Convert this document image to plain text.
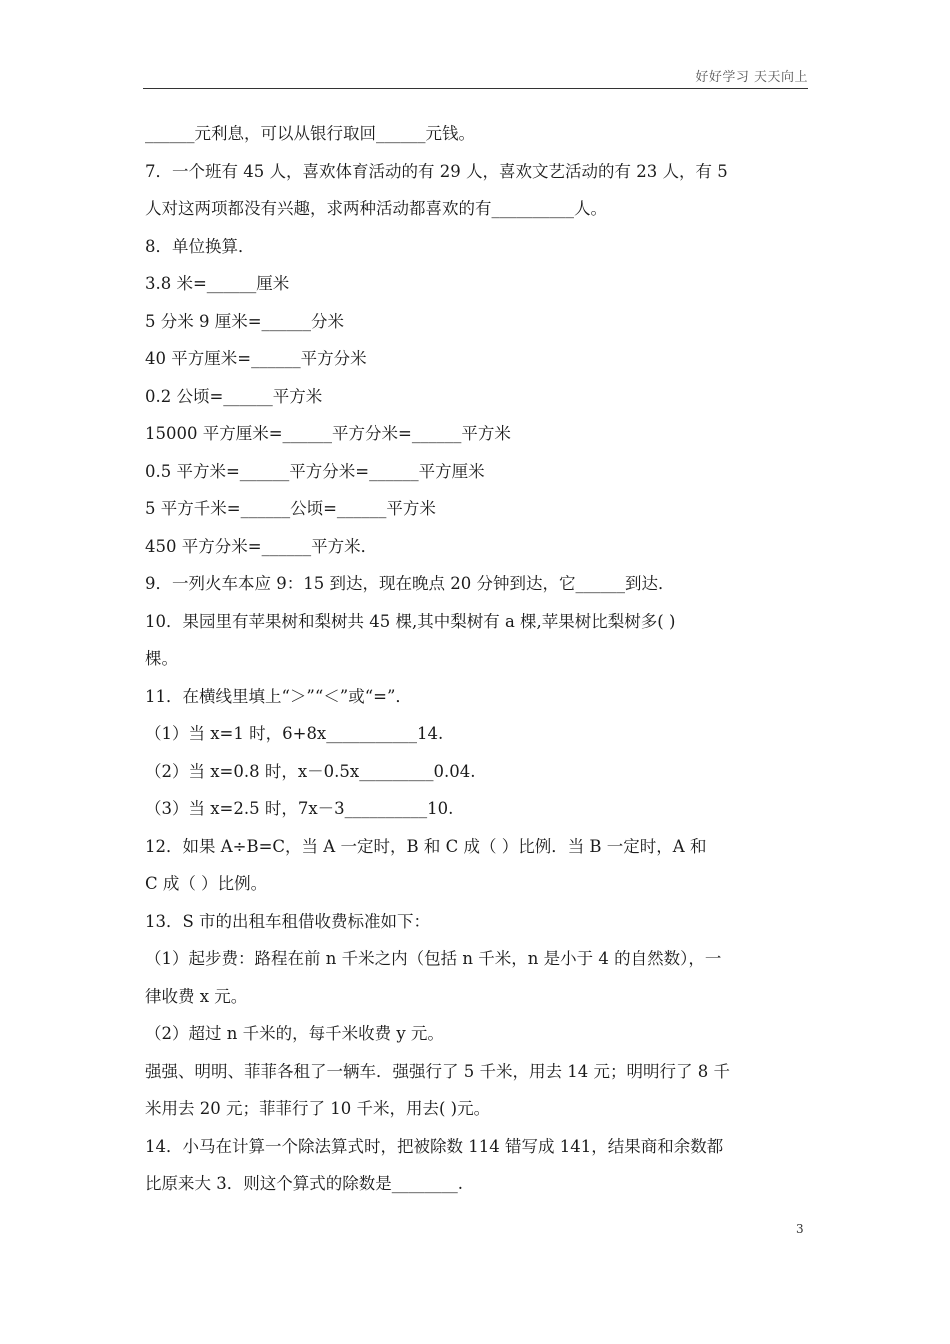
好好学习 天天向上
______元利息，可以从银行取回______元钱。
7．一个班有 45 人，喜欢体育活动的有 29 人，喜欢文艺活动的有 23 人，有 5
人对这两项都没有兴趣，求两种活动都喜欢的有__________人。
8．单位换算．
3.8 米=______厘米
5 分米 9 厘米=______分米
40 平方厘米=______平方分米
0.2 公顷=______平方米
15000 平方厘米=______平方分米=______平方米
0.5 平方米=______平方分米=______平方厘米
5 平方千米=______公顷=______平方米
450 平方分米=______平方米．
9．一列火车本应 9：15 到达，现在晚点 20 分钟到达，它______到达．
10．果园里有苹果树和梨树共 45 棵,其中梨树有 a 棵,苹果树比梨树多( )
棵。
11．在横线里填上“＞”“＜”或“=”．
（1）当 x=1 时，6+8x___________14.
（2）当 x=0.8 时，x－0.5x_________0.04.
（3）当 x=2.5 时，7x－3__________10.
12．如果 A÷B=C，当 A 一定时，B 和 C 成（ ）比例．当 B 一定时，A 和
C 成（ ）比例。
13．S 市的出租车租借收费标准如下：
（1）起步费：路程在前 n 千米之内（包括 n 千米，n 是小于 4 的自然数），一
律收费 x 元。
（2）超过 n 千米的，每千米收费 y 元。
强强、明明、菲菲各租了一辆车．强强行了 5 千米，用去 14 元；明明行了 8 千
米用去 20 元；菲菲行了 10 千米，用去( )元。
14．小马在计算一个除法算式时，把被除数 114 错写成 141，结果商和余数都
比原来大 3．则这个算式的除数是________.
3
